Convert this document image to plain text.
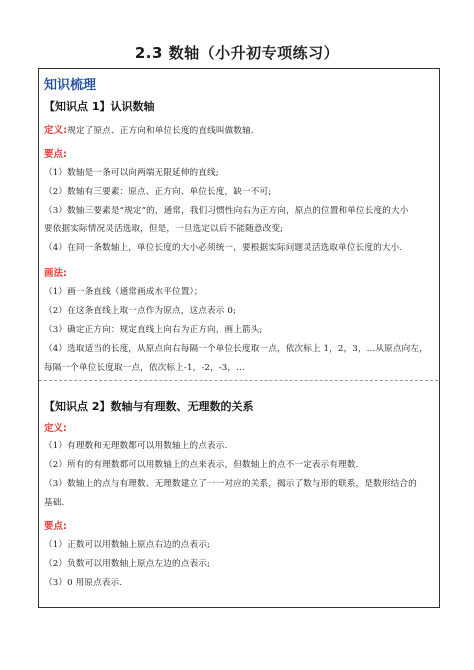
2.3 数轴（小升初专项练习）
知识梳理
【知识点 1】认识数轴
定义:规定了原点、正方向和单位长度的直线叫做数轴.
要点:
（1）数轴是一条可以向两端无限延伸的直线;
（2）数轴有三要素：原点、正方向、单位长度，缺一不可;
（3）数轴三要素是“规定”的，通常，我们习惯性向右为正方向，原点的位置和单位长度的大小
要依据实际情况灵活选取，但是，一旦选定以后不能随意改变;
（4）在同一条数轴上，单位长度的大小必须统一，要根据实际问题灵活选取单位长度的大小.
画法:
（1）画一条直线（通常画成水平位置）；
（2）在这条直线上取一点作为原点，这点表示 0;
（3）确定正方向：规定直线上向右为正方向，画上箭头;
（4）选取适当的长度，从原点向右每隔一个单位长度取一点，依次标上 1，2，3，…从原点向左，
每隔一个单位长度取一点，依次标上-1，-2，-3，…
【知识点 2】数轴与有理数、无理数的关系
定义:
（1）有理数和无理数都可以用数轴上的点表示.
（2）所有的有理数都可以用数轴上的点来表示，但数轴上的点不一定表示有理数.
（3）数轴上的点与有理数、无理数建立了一一对应的关系，揭示了数与形的联系，是数形结合的
基础.
要点:
（1）正数可以用数轴上原点右边的点表示;
（2）负数可以用数轴上原点左边的点表示;
（3）0 用原点表示.
